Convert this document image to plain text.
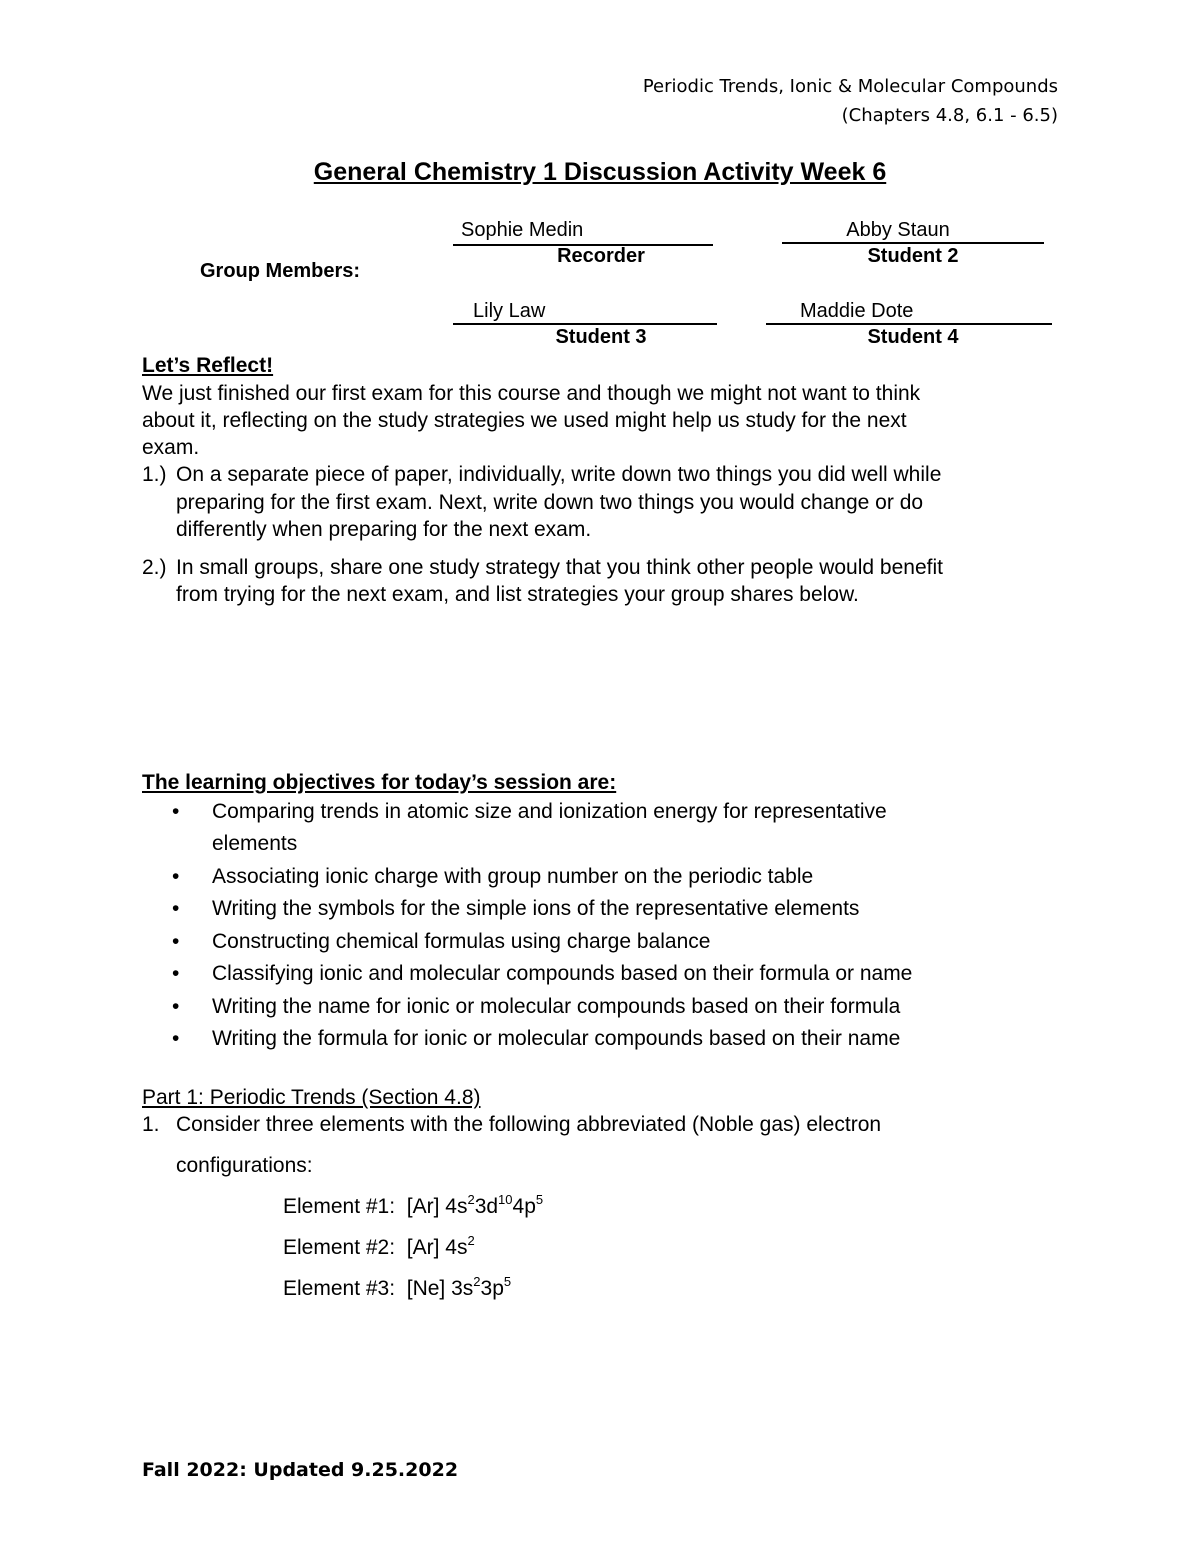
Periodic Trends, Ionic & Molecular Compounds
(Chapters 4.8, 6.1 - 6.5)
General Chemistry 1 Discussion Activity Week 6
Group Members:
Sophie Medin
Recorder
Abby Staun
Student 2
Lily Law
Student 3
Maddie Dote
Student 4
Let’s Reflect!
We just finished our first exam for this course and though we might not want to think
about it, reflecting on the study strategies we used might help us study for the next
exam.
1.) On a separate piece of paper, individually, write down two things you did well while
preparing for the first exam. Next, write down two things you would change or do
differently when preparing for the next exam.
2.) In small groups, share one study strategy that you think other people would benefit
from trying for the next exam, and list strategies your group shares below.
The learning objectives for today’s session are:
• Comparing trends in atomic size and ionization energy for representative
elements
• Associating ionic charge with group number on the periodic table
• Writing the symbols for the simple ions of the representative elements
• Constructing chemical formulas using charge balance
• Classifying ionic and molecular compounds based on their formula or name
• Writing the name for ionic or molecular compounds based on their formula
• Writing the formula for ionic or molecular compounds based on their name
Part 1: Periodic Trends (Section 4.8)
1. Consider three elements with the following abbreviated (Noble gas) electron
configurations:
Element #1: [Ar] $4s^23d^{10}4p^5$
Element #2: [Ar] $4s^2$
Element #3: [Ne] $3s^23p^5$
Fall 2022: Updated 9.25.2022
